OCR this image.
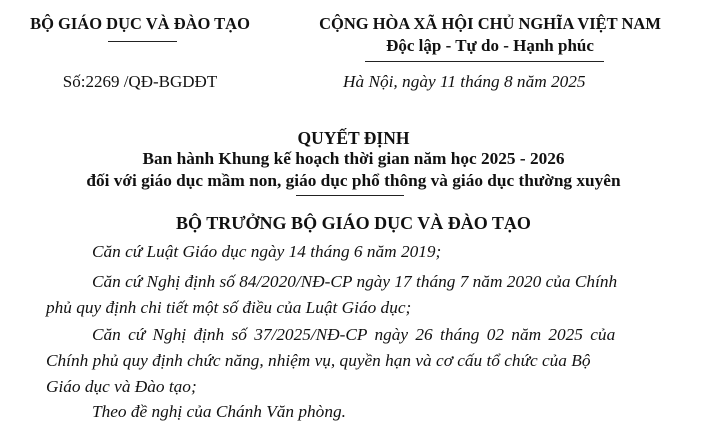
BỘ GIÁO DỤC VÀ ĐÀO TẠO
Số:2269 /QĐ-BGDĐT
CỘNG HÒA XÃ HỘI CHỦ NGHĨA VIỆT NAM
Độc lập - Tự do - Hạnh phúc
Hà Nội, ngày 11 tháng 8 năm 2025
QUYẾT ĐỊNH
Ban hành Khung kế hoạch thời gian năm học 2025 - 2026
đối với giáo dục mầm non, giáo dục phổ thông và giáo dục thường xuyên
BỘ TRƯỞNG BỘ GIÁO DỤC VÀ ĐÀO TẠO
Căn cứ Luật Giáo dục ngày 14 tháng 6 năm 2019;
Căn cứ Nghị định số 84/2020/NĐ-CP ngày 17 tháng 7 năm 2020 của Chính
phủ quy định chi tiết một số điều của Luật Giáo dục;
Căn cứ Nghị định số 37/2025/NĐ-CP ngày 26 tháng 02 năm 2025 của
Chính phủ quy định chức năng, nhiệm vụ, quyền hạn và cơ cấu tổ chức của Bộ
Giáo dục và Đào tạo;
Theo đề nghị của Chánh Văn phòng.
